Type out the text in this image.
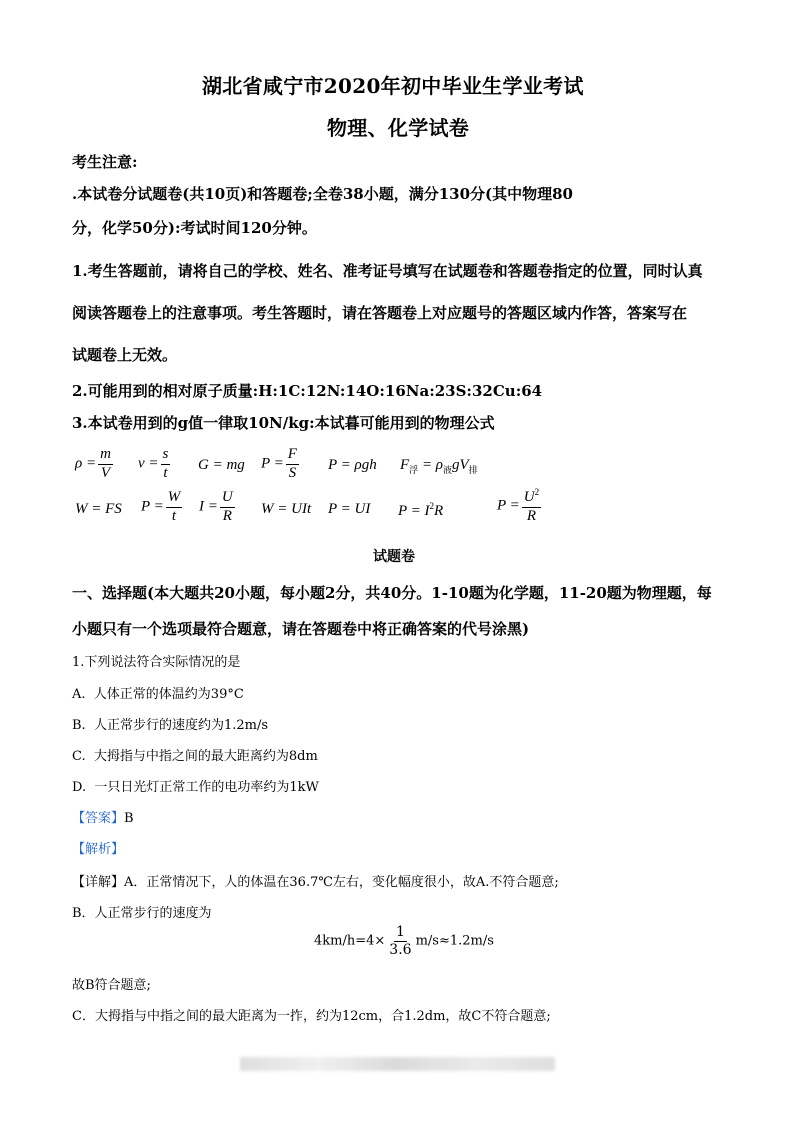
湖北省咸宁市2020年初中毕业生学业考试
物理、化学试卷
考生注意:
.本试卷分试题卷(共10页)和答题卷;全卷38小题，满分130分(其中物理80
分，化学50分):考试时间120分钟。
1.考生答题前，请将自己的学校、姓名、准考证号填写在试题卷和答题卷指定的位置，同时认真
阅读答题卷上的注意事项。考生答题时，请在答题卷上对应题号的答题区域内作答，答案写在
试题卷上无效。
2.可能用到的相对原子质量:H:1C:12N:14O:16Na:23S:32Cu:64
3.本试卷用到的g值一律取10N/kg:本试暮可能用到的物理公式
$\rho = \frac{m}{V}$ $v = \frac{s}{t}$ G = mg $P = \frac{F}{S}$ P = ρgh $F_浮 = \rho_液gV_排$
W = FS $P = \frac{W}{t}$ $I = \frac{U}{R}$ W = UIt P = UI $P = I^2R$	$P = \frac{U^2}{R}$
试题卷
一、选择题(本大题共20小题，每小题2分，共40分。1-10题为化学题，11-20题为物理题，每
小题只有一个选项最符合题意，请在答题卷中将正确答案的代号涂黑)
1.下列说法符合实际情况的是
A. 人体正常的体温约为39°C
B. 人正常步行的速度约为1.2m/s
C. 大拇指与中指之间的最大距离约为8dm
D. 一只日光灯正常工作的电功率约为1kW
【答案】B
【解析】
【详解】A．正常情况下，人的体温在36.7℃左右，变化幅度很小，故A.不符合题意;
B．人正常步行的速度为
$4km/h=4\times \frac{1}{3.6} m/s\approx 1.2m/s$
故B符合题意;
C．大拇指与中指之间的最大距离为一拃，约为12cm，合1.2dm，故C不符合题意;
